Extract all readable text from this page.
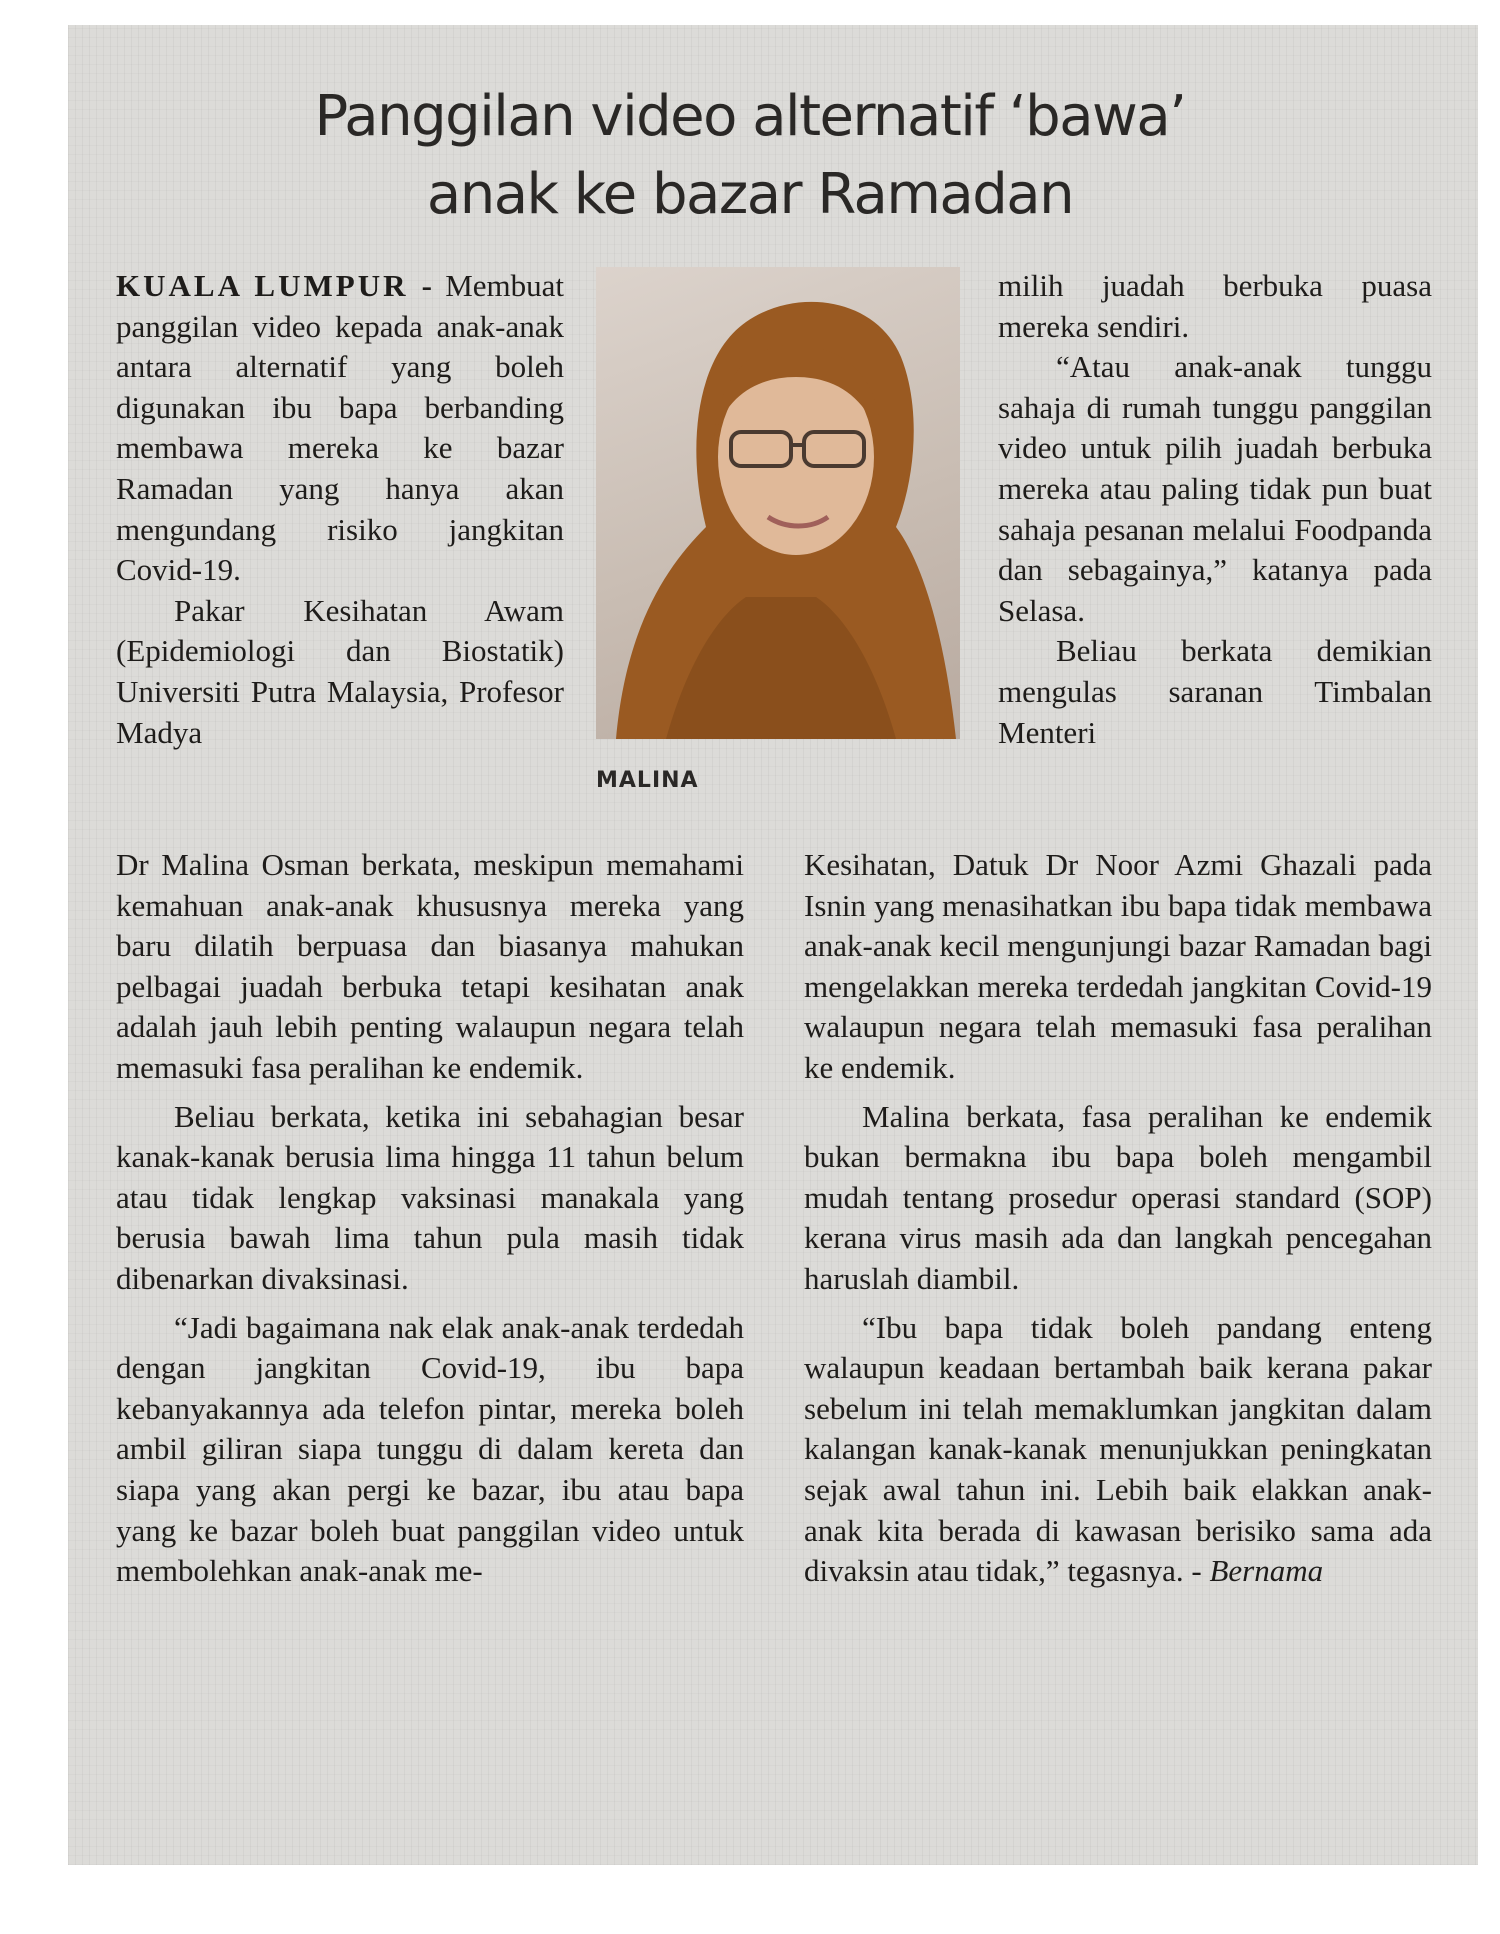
Panggilan video alternatif ‘bawa’
anak ke bazar Ramadan
MALINA

KUALA LUMPUR - Membuat panggilan video kepada anak-anak antara alternatif yang boleh digunakan ibu bapa berbanding membawa mereka ke bazar Ramadan yang hanya akan mengundang risiko jangkitan Covid-19.

Pakar Kesihatan Awam (Epidemiologi dan Biostatik) Universiti Putra Malaysia, Profesor Madya

Dr Malina Osman berkata, meskipun memahami kemahuan anak-anak khususnya mereka yang baru dilatih berpuasa dan biasanya mahukan pelbagai juadah berbuka tetapi kesihatan anak adalah jauh lebih penting walaupun negara telah memasuki fasa peralihan ke endemik.

Beliau berkata, ketika ini sebahagian besar kanak-kanak berusia lima hingga 11 tahun belum atau tidak lengkap vaksinasi manakala yang berusia bawah lima tahun pula masih tidak dibenarkan divaksinasi.

“Jadi bagaimana nak elak anak-anak terdedah dengan jangkitan Covid-19, ibu bapa kebanyakannya ada telefon pintar, mereka boleh ambil giliran siapa tunggu di dalam kereta dan siapa yang akan pergi ke bazar, ibu atau bapa yang ke bazar boleh buat panggilan video untuk membolehkan anak-anak me-

milih juadah berbuka puasa mereka sendiri.

“Atau anak-anak tunggu sahaja di rumah tunggu panggilan video untuk pilih juadah berbuka mereka atau paling tidak pun buat sahaja pesanan melalui Foodpanda dan sebagainya,” katanya pada Selasa.

Beliau berkata demikian mengulas saranan Timbalan Menteri

Kesihatan, Datuk Dr Noor Azmi Ghazali pada Isnin yang menasihatkan ibu bapa tidak membawa anak-anak kecil mengunjungi bazar Ramadan bagi mengelakkan mereka terdedah jangkitan Covid-19 walaupun negara telah memasuki fasa peralihan ke endemik.

Malina berkata, fasa peralihan ke endemik bukan bermakna ibu bapa boleh mengambil mudah tentang prosedur operasi standard (SOP) kerana virus masih ada dan langkah pencegahan haruslah diambil.

“Ibu bapa tidak boleh pandang enteng walaupun keadaan bertambah baik kerana pakar sebelum ini telah memaklumkan jangkitan dalam kalangan kanak-kanak menunjukkan peningkatan sejak awal tahun ini. Lebih baik elakkan anak-anak kita berada di kawasan berisiko sama ada divaksin atau tidak,” tegasnya. - Bernama
